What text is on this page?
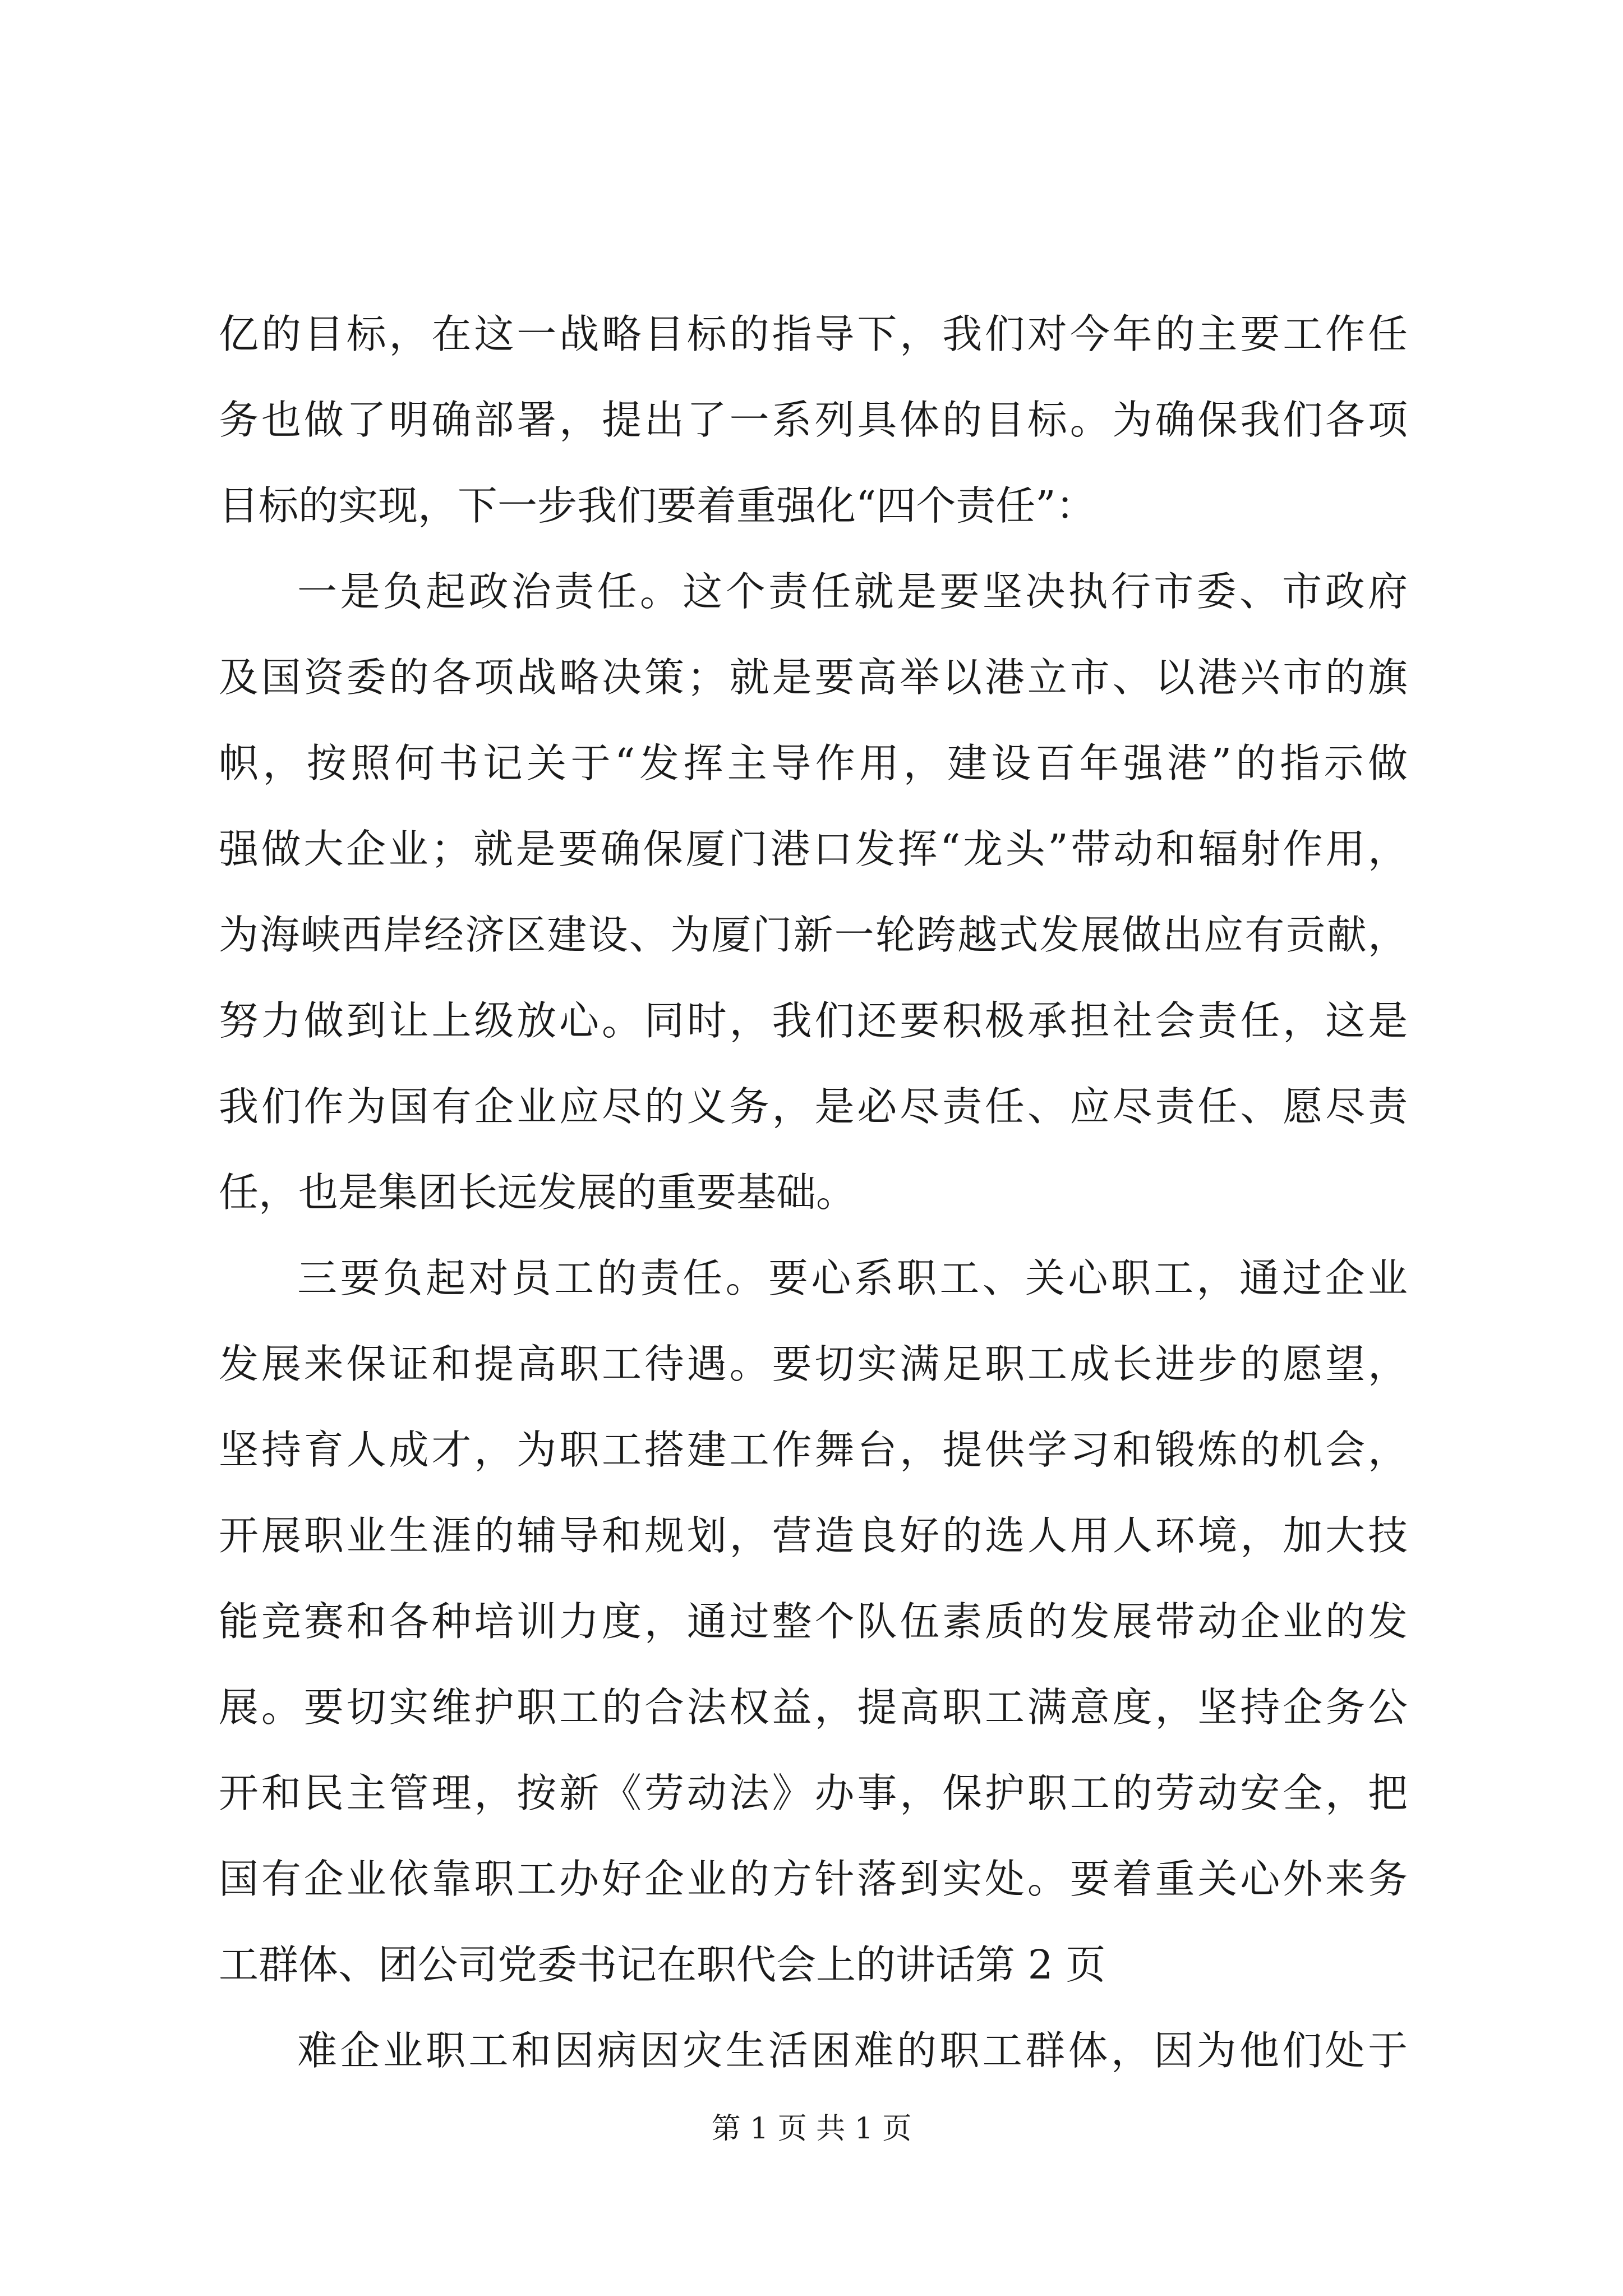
亿的目标，在这一战略目标的指导下，我们对今年的主要工作任
务也做了明确部署，提出了一系列具体的目标。为确保我们各项
目标的实现，下一步我们要着重强化“四个责任”：
一是负起政治责任。这个责任就是要坚决执行市委、市政府
及国资委的各项战略决策；就是要高举以港立市、以港兴市的旗
帜，按照何书记关于“发挥主导作用，建设百年强港”的指示做
强做大企业；就是要确保厦门港口发挥“龙头”带动和辐射作用，
为海峡西岸经济区建设、为厦门新一轮跨越式发展做出应有贡献，
努力做到让上级放心。同时，我们还要积极承担社会责任，这是
我们作为国有企业应尽的义务，是必尽责任、应尽责任、愿尽责
任，也是集团长远发展的重要基础。
三要负起对员工的责任。要心系职工、关心职工，通过企业
发展来保证和提高职工待遇。要切实满足职工成长进步的愿望，
坚持育人成才，为职工搭建工作舞台，提供学习和锻炼的机会，
开展职业生涯的辅导和规划，营造良好的选人用人环境，加大技
能竞赛和各种培训力度，通过整个队伍素质的发展带动企业的发
展。要切实维护职工的合法权益，提高职工满意度，坚持企务公
开和民主管理，按新《劳动法》办事，保护职工的劳动安全，把
国有企业依靠职工办好企业的方针落到实处。要着重关心外来务
工群体、团公司党委书记在职代会上的讲话第 2 页
难企业职工和因病因灾生活困难的职工群体，因为他们处于
第 1 页 共 1 页
